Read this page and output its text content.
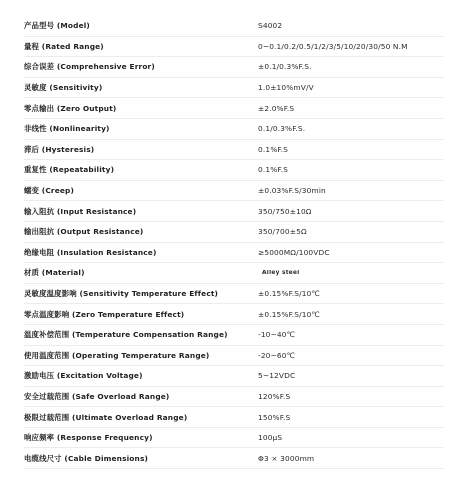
产品型号 (Model)	S4002
量程 (Rated Range)	0~0.1/0.2/0.5/1/2/3/5/10/20/30/50 N.M
综合误差 (Comprehensive Error)	±0.1/0.3%F.S.
灵敏度 (Sensitivity)	1.0±10%mV/V
零点输出 (Zero Output)	±2.0%F.S
非线性 (Nonlinearity)	0.1/0.3%F.S.
滞后 (Hysteresis)	0.1%F.S
重复性 (Repeatability)	0.1%F.S
蠕变 (Creep)	±0.03%F.S/30min
输入阻抗 (Input Resistance)	350/750±10Ω
输出阻抗 (Output Resistance)	350/700±5Ω
绝缘电阻 (Insulation Resistance)	≥5000MΩ/100VDC
材质 (Material)	Alley steel
灵敏度温度影响 (Sensitivity Temperature Effect)	±0.15%F.S/10℃
零点温度影响 (Zero Temperature Effect)	±0.15%F.S/10℃
温度补偿范围 (Temperature Compensation Range)	-10~40℃
使用温度范围 (Operating Temperature Range)	-20~60℃
激励电压 (Excitation Voltage)	5~12VDC
安全过载范围 (Safe Overload Range)	120%F.S
极限过载范围 (Ultimate Overload Range)	150%F.S
响应频率 (Response Frequency)	100μS
电缆线尺寸 (Cable Dimensions)	Φ3 × 3000mm
